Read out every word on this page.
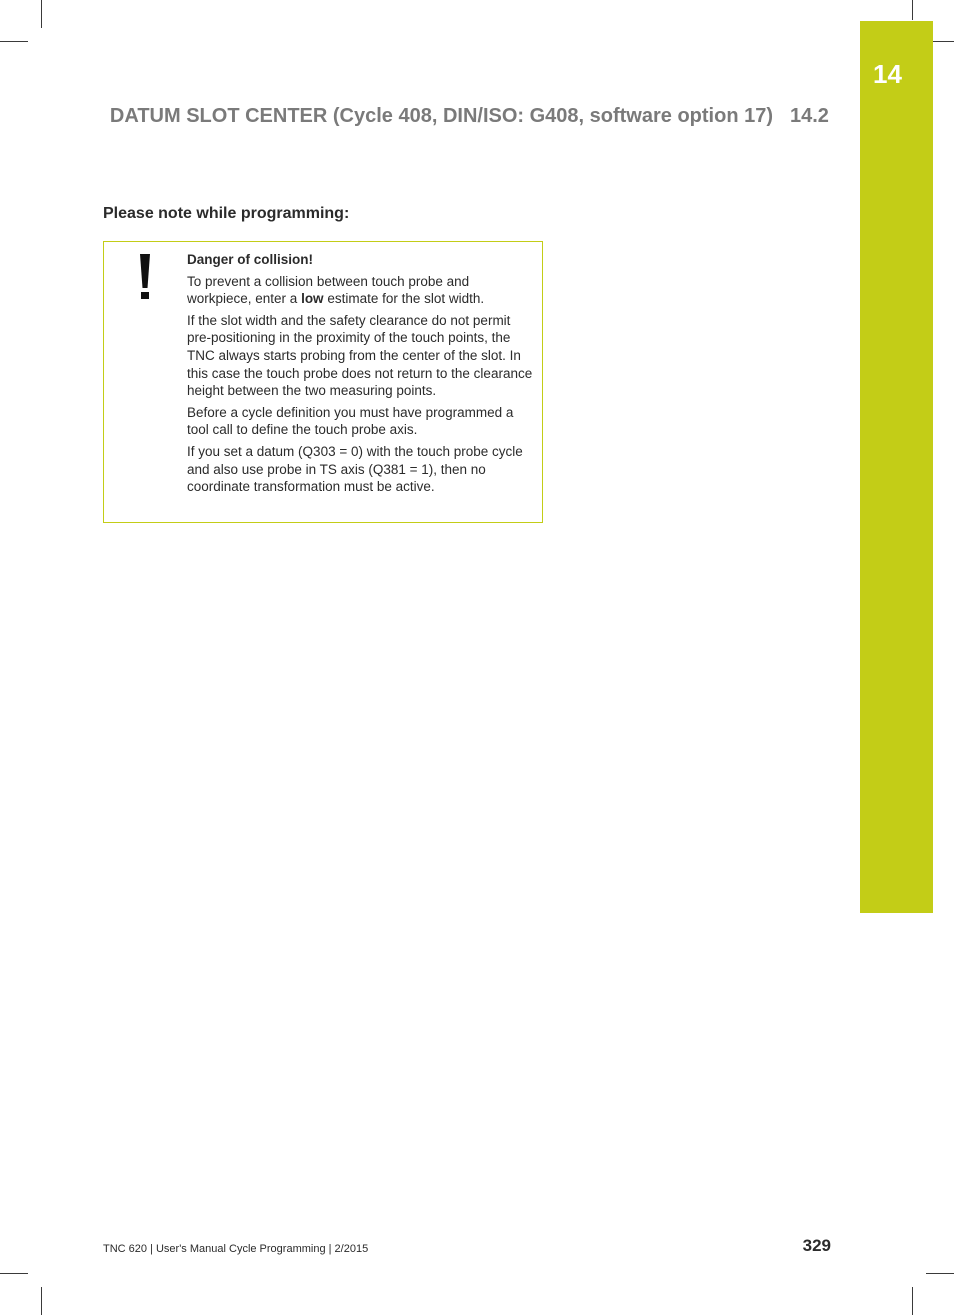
14
DATUM SLOT CENTER (Cycle 408, DIN/ISO: G408, software option 17) 14.2
Please note while programming:
Danger of collision!

To prevent a collision between touch probe and workpiece, enter a low estimate for the slot width.

If the slot width and the safety clearance do not permit pre-positioning in the proximity of the touch points, the TNC always starts probing from the center of the slot. In this case the touch probe does not return to the clearance height between the two measuring points.

Before a cycle definition you must have programmed a tool call to define the touch probe axis.

If you set a datum (Q303 = 0) with the touch probe cycle and also use probe in TS axis (Q381 = 1), then no coordinate transformation must be active.

TNC 620 | User's Manual Cycle Programming | 2/2015	329
